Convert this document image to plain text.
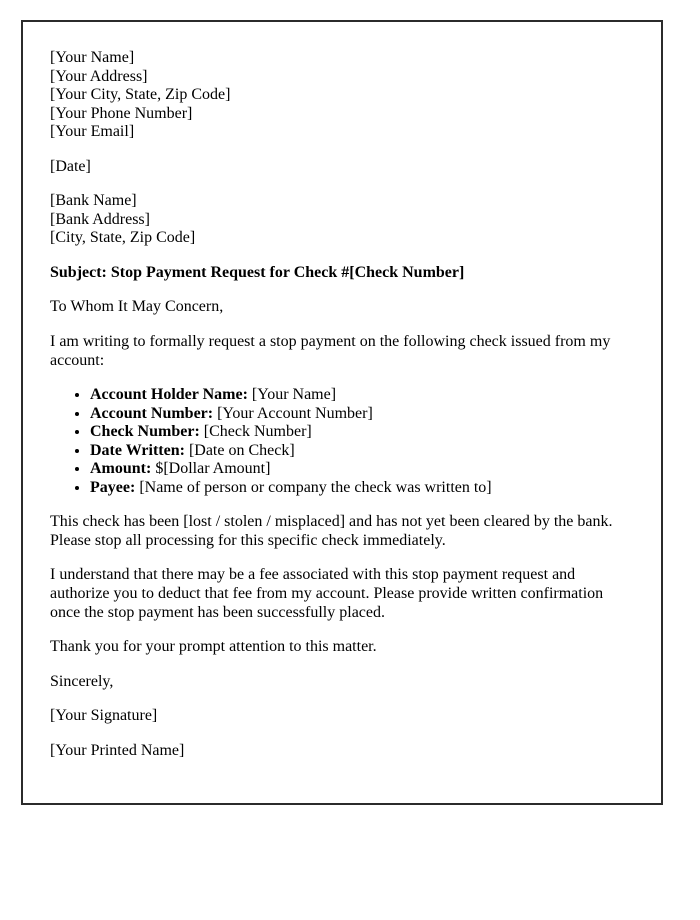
[Your Name]
[Your Address]
[Your City, State, Zip Code]
[Your Phone Number]
[Your Email]

[Date]

[Bank Name]
[Bank Address]
[City, State, Zip Code]

Subject: Stop Payment Request for Check #[Check Number]

To Whom It May Concern,

I am writing to formally request a stop payment on the following check issued from my account:

• Account Holder Name: [Your Name]
• Account Number: [Your Account Number]
• Check Number: [Check Number]
• Date Written: [Date on Check]
• Amount: $[Dollar Amount]
• Payee: [Name of person or company the check was written to]

This check has been [lost / stolen / misplaced] and has not yet been cleared by the bank. Please stop all processing for this specific check immediately.

I understand that there may be a fee associated with this stop payment request and authorize you to deduct that fee from my account. Please provide written confirmation once the stop payment has been successfully placed.

Thank you for your prompt attention to this matter.

Sincerely,

[Your Signature]

[Your Printed Name]
